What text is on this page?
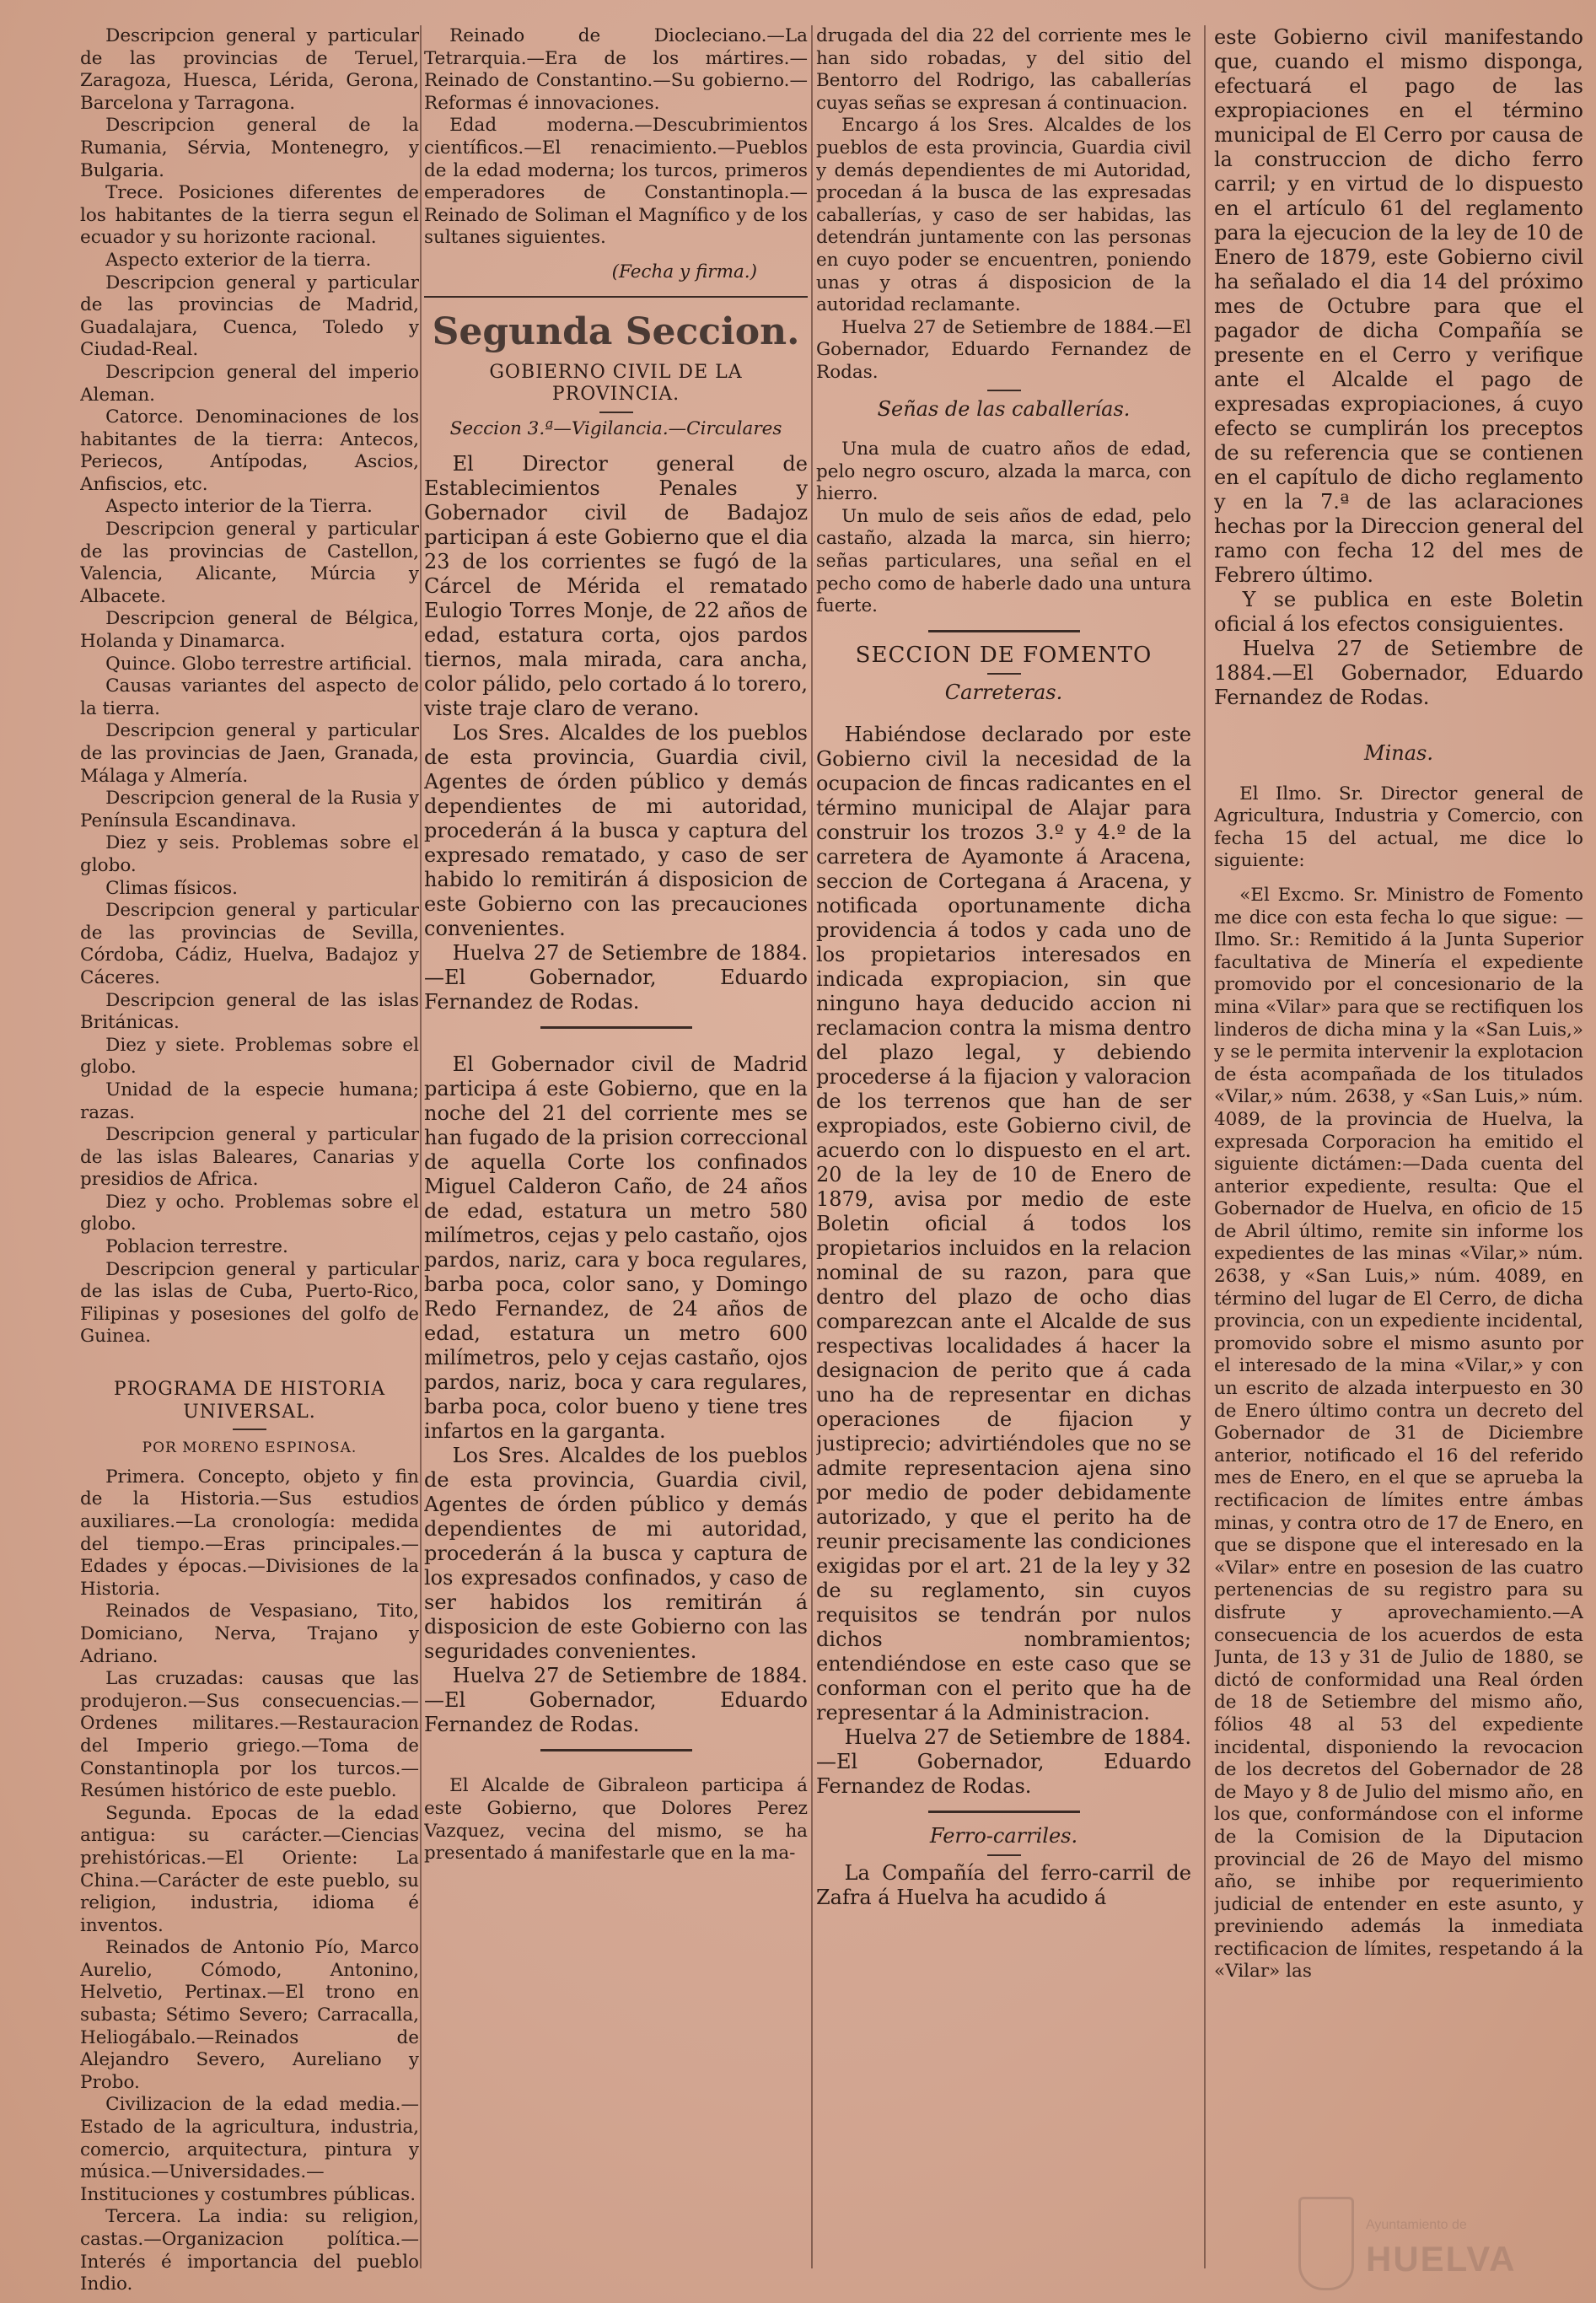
Descripcion general y particular de las provincias de Teruel, Zaragoza, Huesca, Lérida, Gerona, Barcelona y Tarragona.

Descripcion general de la Rumania, Sérvia, Montenegro, y Bulgaria.

Trece. Posiciones diferentes de los habitantes de la tierra segun el ecuador y su horizonte racional.

Aspecto exterior de la tierra.

Descripcion general y particular de las provincias de Madrid, Guadalajara, Cuenca, Toledo y Ciudad-Real.

Descripcion general del imperio Aleman.

Catorce. Denominaciones de los habitantes de la tierra: Antecos, Periecos, Antípodas, Ascios, Anfiscios, etc.

Aspecto interior de la Tierra.

Descripcion general y particular de las provincias de Castellon, Valencia, Alicante, Múrcia y Albacete.

Descripcion general de Bélgica, Holanda y Dinamarca.

Quince. Globo terrestre artificial.

Causas variantes del aspecto de la tierra.

Descripcion general y particular de las provincias de Jaen, Granada, Málaga y Almería.

Descripcion general de la Rusia y Península Escandinava.

Diez y seis. Problemas sobre el globo.

Climas físicos.

Descripcion general y particular de las provincias de Sevilla, Córdoba, Cádiz, Huelva, Badajoz y Cáceres.

Descripcion general de las islas Británicas.

Diez y siete. Problemas sobre el globo.

Unidad de la especie humana; razas.

Descripcion general y particular de las islas Baleares, Canarias y presidios de Africa.

Diez y ocho. Problemas sobre el globo.

Poblacion terrestre.

Descripcion general y particular de las islas de Cuba, Puerto-Rico, Filipinas y posesiones del golfo de Guinea.

PROGRAMA DE HISTORIA UNIVERSAL.
POR MORENO ESPINOSA.

Primera. Concepto, objeto y fin de la Historia.—Sus estudios auxiliares.—La cronología: medida del tiempo.—Eras principales.—Edades y épocas.—Divisiones de la Historia.

Reinados de Vespasiano, Tito, Domiciano, Nerva, Trajano y Adriano.

Las cruzadas: causas que las produjeron.—Sus consecuencias.—Ordenes militares.—Restauracion del Imperio griego.—Toma de Constantinopla por los turcos.—Resúmen histórico de este pueblo.

Segunda. Epocas de la edad antigua: su carácter.—Ciencias prehistóricas.—El Oriente: La China.—Carácter de este pueblo, su religion, industria, idioma é inventos.

Reinados de Antonio Pío, Marco Aurelio, Cómodo, Antonino, Helvetio, Pertinax.—El trono en subasta; Sétimo Severo; Carracalla, Heliogábalo.—Reinados de Alejandro Severo, Aureliano y Probo.

Civilizacion de la edad media.—Estado de la agricultura, industria, comercio, arquitectura, pintura y música.—Universidades.—Instituciones y costumbres públicas.

Tercera. La india: su religion, castas.—Organizacion política.—Interés é importancia del pueblo Indio.

Reinado de Diocleciano.—La Tetrarquia.—Era de los mártires.—Reinado de Constantino.—Su gobierno.—Reformas é innovaciones.

Edad moderna.—Descubrimientos científicos.—El renacimiento.—Pueblos de la edad moderna; los turcos, primeros emperadores de Constantinopla.—Reinado de Soliman el Magnífico y de los sultanes siguientes.

(Fecha y firma.)

Segunda Seccion.
GOBIERNO CIVIL DE LA PROVINCIA.
Seccion 3.ª—Vigilancia.—Circulares

El Director general de Establecimientos Penales y Gobernador civil de Badajoz participan á este Gobierno que el dia 23 de los corrientes se fugó de la Cárcel de Mérida el rematado Eulogio Torres Monje, de 22 años de edad, estatura corta, ojos pardos tiernos, mala mirada, cara ancha, color pálido, pelo cortado á lo torero, viste traje claro de verano.

Los Sres. Alcaldes de los pueblos de esta provincia, Guardia civil, Agentes de órden público y demás dependientes de mi autoridad, procederán á la busca y captura del expresado rematado, y caso de ser habido lo remitirán á disposicion de este Gobierno con las precauciones convenientes.

Huelva 27 de Setiembre de 1884.—El Gobernador, Eduardo Fernandez de Rodas.

El Gobernador civil de Madrid participa á este Gobierno, que en la noche del 21 del corriente mes se han fugado de la prision correccional de aquella Corte los confinados Miguel Calderon Caño, de 24 años de edad, estatura un metro 580 milímetros, cejas y pelo castaño, ojos pardos, nariz, cara y boca regulares, barba poca, color sano, y Domingo Redo Fernandez, de 24 años de edad, estatura un metro 600 milímetros, pelo y cejas castaño, ojos pardos, nariz, boca y cara regulares, barba poca, color bueno y tiene tres infartos en la garganta.

Los Sres. Alcaldes de los pueblos de esta provincia, Guardia civil, Agentes de órden público y demás dependientes de mi autoridad, procederán á la busca y captura de los expresados confinados, y caso de ser habidos los remitirán á disposicion de este Gobierno con las seguridades convenientes.

Huelva 27 de Setiembre de 1884.—El Gobernador, Eduardo Fernandez de Rodas.

El Alcalde de Gibraleon participa á este Gobierno, que Dolores Perez Vazquez, vecina del mismo, se ha presentado á manifestarle que en la ma-

drugada del dia 22 del corriente mes le han sido robadas, y del sitio del Bentorro del Rodrigo, las caballerías cuyas señas se expresan á continuacion.

Encargo á los Sres. Alcaldes de los pueblos de esta provincia, Guardia civil y demás dependientes de mi Autoridad, procedan á la busca de las expresadas caballerías, y caso de ser habidas, las detendrán juntamente con las personas en cuyo poder se encuentren, poniendo unas y otras á disposicion de la autoridad reclamante.

Huelva 27 de Setiembre de 1884.—El Gobernador, Eduardo Fernandez de Rodas.

Señas de las caballerías.

Una mula de cuatro años de edad, pelo negro oscuro, alzada la marca, con hierro.

Un mulo de seis años de edad, pelo castaño, alzada la marca, sin hierro; señas particulares, una señal en el pecho como de haberle dado una untura fuerte.

SECCION DE FOMENTO
Carreteras.

Habiéndose declarado por este Gobierno civil la necesidad de la ocupacion de fincas radicantes en el término municipal de Alajar para construir los trozos 3.º y 4.º de la carretera de Ayamonte á Aracena, seccion de Cortegana á Aracena, y notificada oportunamente dicha providencia á todos y cada uno de los propietarios interesados en indicada expropiacion, sin que ninguno haya deducido accion ni reclamacion contra la misma dentro del plazo legal, y debiendo procederse á la fijacion y valoracion de los terrenos que han de ser expropiados, este Gobierno civil, de acuerdo con lo dispuesto en el art. 20 de la ley de 10 de Enero de 1879, avisa por medio de este Boletin oficial á todos los propietarios incluidos en la relacion nominal de su razon, para que dentro del plazo de ocho dias comparezcan ante el Alcalde de sus respectivas localidades á hacer la designacion de perito que á cada uno ha de representar en dichas operaciones de fijacion y justiprecio; advirtiéndoles que no se admite representacion ajena sino por medio de poder debidamente autorizado, y que el perito ha de reunir precisamente las condiciones exigidas por el art. 21 de la ley y 32 de su reglamento, sin cuyos requisitos se tendrán por nulos dichos nombramientos; entendiéndose en este caso que se conforman con el perito que ha de representar á la Administracion.

Huelva 27 de Setiembre de 1884.—El Gobernador, Eduardo Fernandez de Rodas.

Ferro-carriles.

La Compañía del ferro-carril de Zafra á Huelva ha acudido á

este Gobierno civil manifestando que, cuando el mismo disponga, efectuará el pago de las expropiaciones en el término municipal de El Cerro por causa de la construccion de dicho ferro carril; y en virtud de lo dispuesto en el artículo 61 del reglamento para la ejecucion de la ley de 10 de Enero de 1879, este Gobierno civil ha señalado el dia 14 del próximo mes de Octubre para que el pagador de dicha Compañía se presente en el Cerro y verifique ante el Alcalde el pago de expresadas expropiaciones, á cuyo efecto se cumplirán los preceptos de su referencia que se contienen en el capítulo de dicho reglamento y en la 7.ª de las aclaraciones hechas por la Direccion general del ramo con fecha 12 del mes de Febrero último.

Y se publica en este Boletin oficial á los efectos consiguientes.

Huelva 27 de Setiembre de 1884.—El Gobernador, Eduardo Fernandez de Rodas.

Minas.

El Ilmo. Sr. Director general de Agricultura, Industria y Comercio, con fecha 15 del actual, me dice lo siguiente:

«El Excmo. Sr. Ministro de Fomento me dice con esta fecha lo que sigue: —Ilmo. Sr.: Remitido á la Junta Superior facultativa de Minería el expediente promovido por el concesionario de la mina «Vilar» para que se rectifiquen los linderos de dicha mina y la «San Luis,» y se le permita intervenir la explotacion de ésta acompañada de los titulados «Vilar,» núm. 2638, y «San Luis,» núm. 4089, de la provincia de Huelva, la expresada Corporacion ha emitido el siguiente dictámen:—Dada cuenta del anterior expediente, resulta: Que el Gobernador de Huelva, en oficio de 15 de Abril último, remite sin informe los expedientes de las minas «Vilar,» núm. 2638, y «San Luis,» núm. 4089, en término del lugar de El Cerro, de dicha provincia, con un expediente incidental, promovido sobre el mismo asunto por el interesado de la mina «Vilar,» y con un escrito de alzada interpuesto en 30 de Enero último contra un decreto del Gobernador de 31 de Diciembre anterior, notificado el 16 del referido mes de Enero, en el que se aprueba la rectificacion de límites entre ámbas minas, y contra otro de 17 de Enero, en que se dispone que el interesado en la «Vilar» entre en posesion de las cuatro pertenencias de su registro para su disfrute y aprovechamiento.—A consecuencia de los acuerdos de esta Junta, de 13 y 31 de Julio de 1880, se dictó de conformidad una Real órden de 18 de Setiembre del mismo año, fólios 48 al 53 del expediente incidental, disponiendo la revocacion de los decretos del Gobernador de 28 de Mayo y 8 de Julio del mismo año, en los que, conformándose con el informe de la Comision de la Diputacion provincial de 26 de Mayo del mismo año, se inhibe por requerimiento judicial de entender en este asunto, y previniendo además la inmediata rectificacion de límites, respetando á la «Vilar» las

Ayuntamiento de
HUELVA
